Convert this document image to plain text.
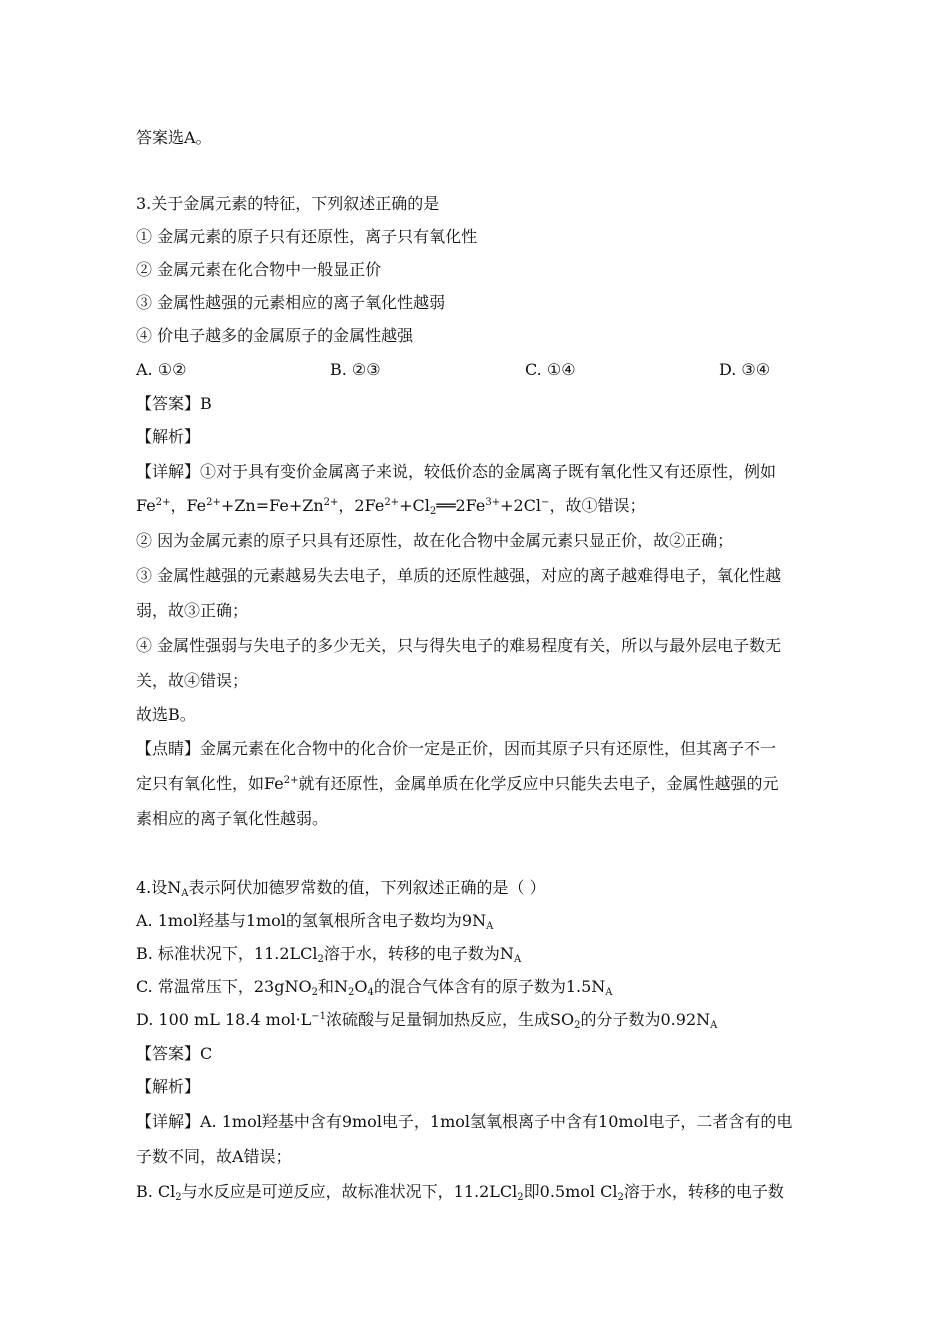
答案选A。
3.关于金属元素的特征，下列叙述正确的是
① 金属元素的原子只有还原性，离子只有氧化性
② 金属元素在化合物中一般显正价
③ 金属性越强的元素相应的离子氧化性越弱
④ 价电子越多的金属原子的金属性越强
A. ①②	B. ②③	C. ①④	D. ③④
【答案】B
【解析】
【详解】①对于具有变价金属离子来说，较低价态的金属离子既有氧化性又有还原性，例如
$Fe^{2+}$，$Fe^{2+}+Zn=Fe+Zn^{2+}$，$2Fe^{2+}+Cl_2══2Fe^{3+}+2Cl^-$，故①错误；
② 因为金属元素的原子只具有还原性，故在化合物中金属元素只显正价，故②正确；
③ 金属性越强的元素越易失去电子，单质的还原性越强，对应的离子越难得电子，氧化性越
弱，故③正确；
④ 金属性强弱与失电子的多少无关，只与得失电子的难易程度有关，所以与最外层电子数无
关，故④错误；
故选B。
【点睛】金属元素在化合物中的化合价一定是正价，因而其原子只有还原性，但其离子不一
定只有氧化性，如$Fe^{2+}$就有还原性，金属单质在化学反应中只能失去电子，金属性越强的元
素相应的离子氧化性越弱。
4.设$N_A$表示阿伏加德罗常数的值，下列叙述正确的是（ ）
A. 1mol羟基与1mol的氢氧根所含电子数均为$9N_A$
B. 标准状况下，11.2LCl$_2$溶于水，转移的电子数为$N_A$
C. 常温常压下，23gNO$_2$和$N_2O_4$的混合气体含有的原子数为$1.5N_A$
D. 100 mL 18.4 $mol\cdot L^{-1}$浓硫酸与足量铜加热反应，生成$SO_2$的分子数为$0.92N_A$
【答案】C
【解析】
【详解】A. 1mol羟基中含有9mol电子，1mol氢氧根离子中含有10mol电子，二者含有的电
子数不同，故A错误；
B. $Cl_2$与水反应是可逆反应，故标准状况下，11.2LCl$_2$即0.5mol $Cl_2$溶于水，转移的电子数
